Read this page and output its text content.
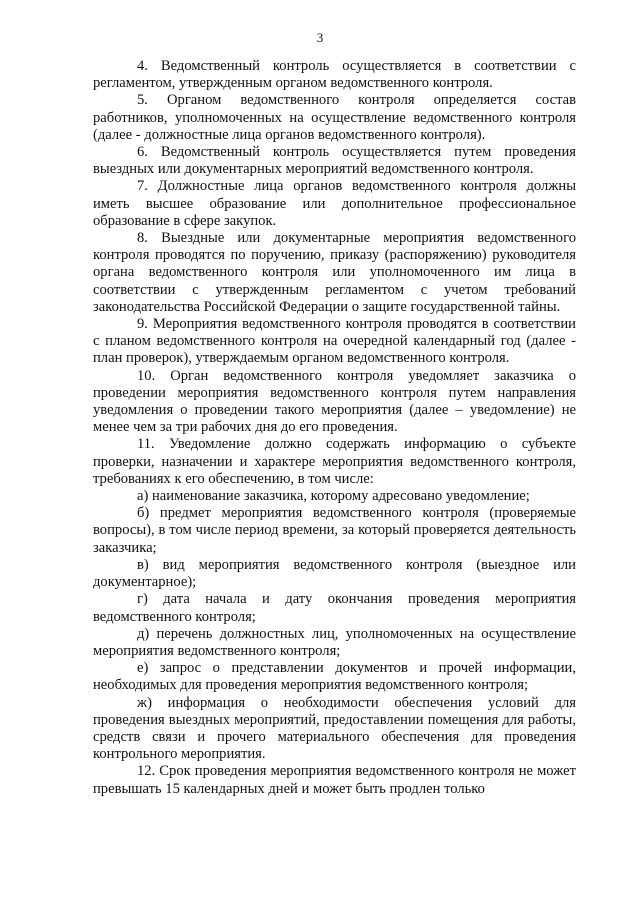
3

4. Ведомственный контроль осуществляется в соответствии с регламентом, утвержденным органом ведомственного контроля.

5. Органом ведомственного контроля определяется состав работников, уполномоченных на осуществление ведомственного контроля (далее - должностные лица органов ведомственного контроля).

6. Ведомственный контроль осуществляется путем проведения выездных или документарных мероприятий ведомственного контроля.

7. Должностные лица органов ведомственного контроля должны иметь высшее образование или дополнительное профессиональное образование в сфере закупок.

8. Выездные или документарные мероприятия ведомственного контроля проводятся по поручению, приказу (распоряжению) руководителя органа ведомственного контроля или уполномоченного им лица в соответствии с утвержденным регламентом с учетом требований законодательства Российской Федерации о защите государственной тайны.

9. Мероприятия ведомственного контроля проводятся в соответствии с планом ведомственного контроля на очередной календарный год (далее - план проверок), утверждаемым органом ведомственного контроля.

10. Орган ведомственного контроля уведомляет заказчика о проведении мероприятия ведомственного контроля путем направления уведомления о проведении такого мероприятия (далее – уведомление) не менее чем за три рабочих дня до его проведения.

11. Уведомление должно содержать информацию о субъекте проверки, назначении и характере мероприятия ведомственного контроля, требованиях к его обеспечению, в том числе:

а) наименование заказчика, которому адресовано уведомление;

б) предмет мероприятия ведомственного контроля (проверяемые вопросы), в том числе период времени, за который проверяется деятельность заказчика;

в) вид мероприятия ведомственного контроля (выездное или документарное);

г) дата начала и дату окончания проведения мероприятия ведомственного контроля;

д) перечень должностных лиц, уполномоченных на осуществление мероприятия ведомственного контроля;

е) запрос о представлении документов и прочей информации, необходимых для проведения мероприятия ведомственного контроля;

ж) информация о необходимости обеспечения условий для проведения выездных мероприятий, предоставлении помещения для работы, средств связи и прочего материального обеспечения для проведения контрольного мероприятия.

12. Срок проведения мероприятия ведомственного контроля не может превышать 15 календарных дней и может быть продлен только
